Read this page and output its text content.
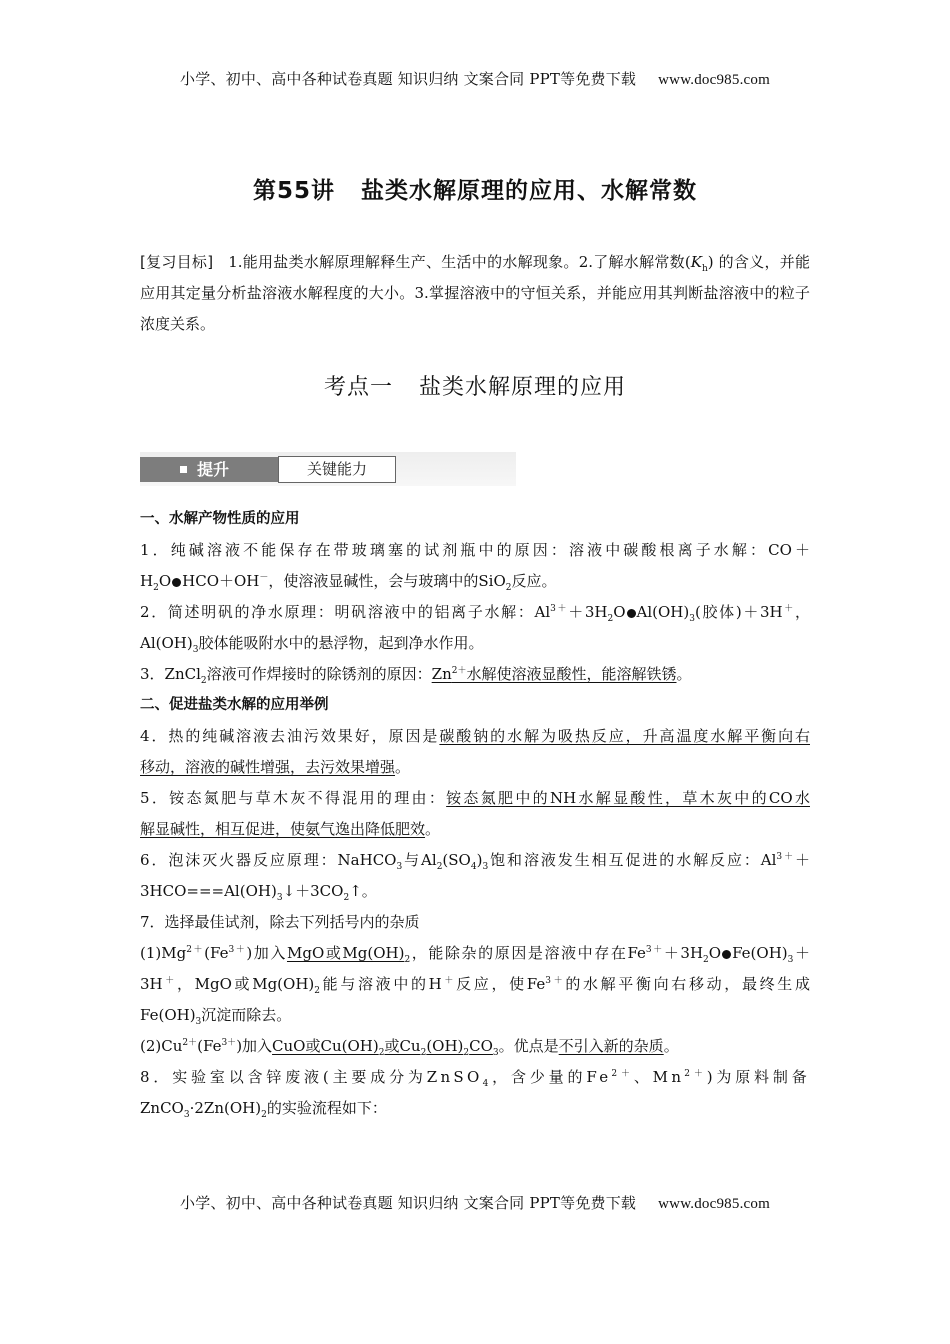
小学、初中、高中各种试卷真题 知识归纳 文案合同 PPT等免费下载 www.doc985.com
第55讲 盐类水解原理的应用、水解常数
[复习目标] 1.能用盐类水解原理解释生产、生活中的水解现象。2.了解水解常数$(K_h)$ 的含义，并能应用其定量分析盐溶液水解程度的大小。3.掌握溶液中的守恒关系，并能应用其判断盐溶液中的粒子浓度关系。
考点一 盐类水解原理的应用
提升	关键能力
一、水解产物性质的应用
1．纯碱溶液不能保存在带玻璃塞的试剂瓶中的原因：溶液中碳酸根离子水解：CO＋
$H_2O$ HCO＋OH－，使溶液显碱性，会与玻璃中的SiO$_2$反应。
2．简述明矾的净水原理：明矾溶液中的铝离子水解：$Al^{3+}+3H_2O$ $Al(OH)_3$(胶体)＋3H＋，
$Al(OH)_3$胶体能吸附水中的悬浮物，起到净水作用。
3．ZnCl$_2$溶液可作焊接时的除锈剂的原因：$Zn^{2+}$水解使溶液显酸性，能溶解铁锈。
二、促进盐类水解的应用举例
4．热的纯碱溶液去油污效果好，原因是碳酸钠的水解为吸热反应，升高温度水解平衡向右
移动，溶液的碱性增强，去污效果增强。
5．铵态氮肥与草木灰不得混用的理由：铵态氮肥中的NH水解显酸性，草木灰中的CO水
解显碱性，相互促进，使氨气逸出降低肥效。
6．泡沫灭火器反应原理：NaHCO$_3$与$Al_2(SO_4)_3$饱和溶液发生相互促进的水解反应：$Al^{3+}+$
$3HCO===Al(OH)_3↓+3CO_2↑$。
7．选择最佳试剂，除去下列括号内的杂质
$(1)Mg^{2+}(Fe^{3+})$加入MgO或$Mg(OH)_2$，能除杂的原因是溶液中存在$Fe^{3+}+3H_2O$ $Fe(OH)_3+$
3H＋，MgO或$Mg(OH)_2$能与溶液中的H＋反应，使$Fe^{3+}$的水解平衡向右移动，最终生成
$Fe(OH)_3$沉淀而除去。
$(2)Cu^{2+}(Fe^{3+})$加入CuO或$Cu(OH)_2$或$Cu_2(OH)_2CO_3$。优点是不引入新的杂质。
8．实验室以含锌废液(主要成分为ZnSO$_4$，含少量的$Fe^{2+}$、$Mn^{2+}$)为原料制备
$ZnCO_3\cdot 2Zn(OH)_2$的实验流程如下：
小学、初中、高中各种试卷真题 知识归纳 文案合同 PPT等免费下载 www.doc985.com
